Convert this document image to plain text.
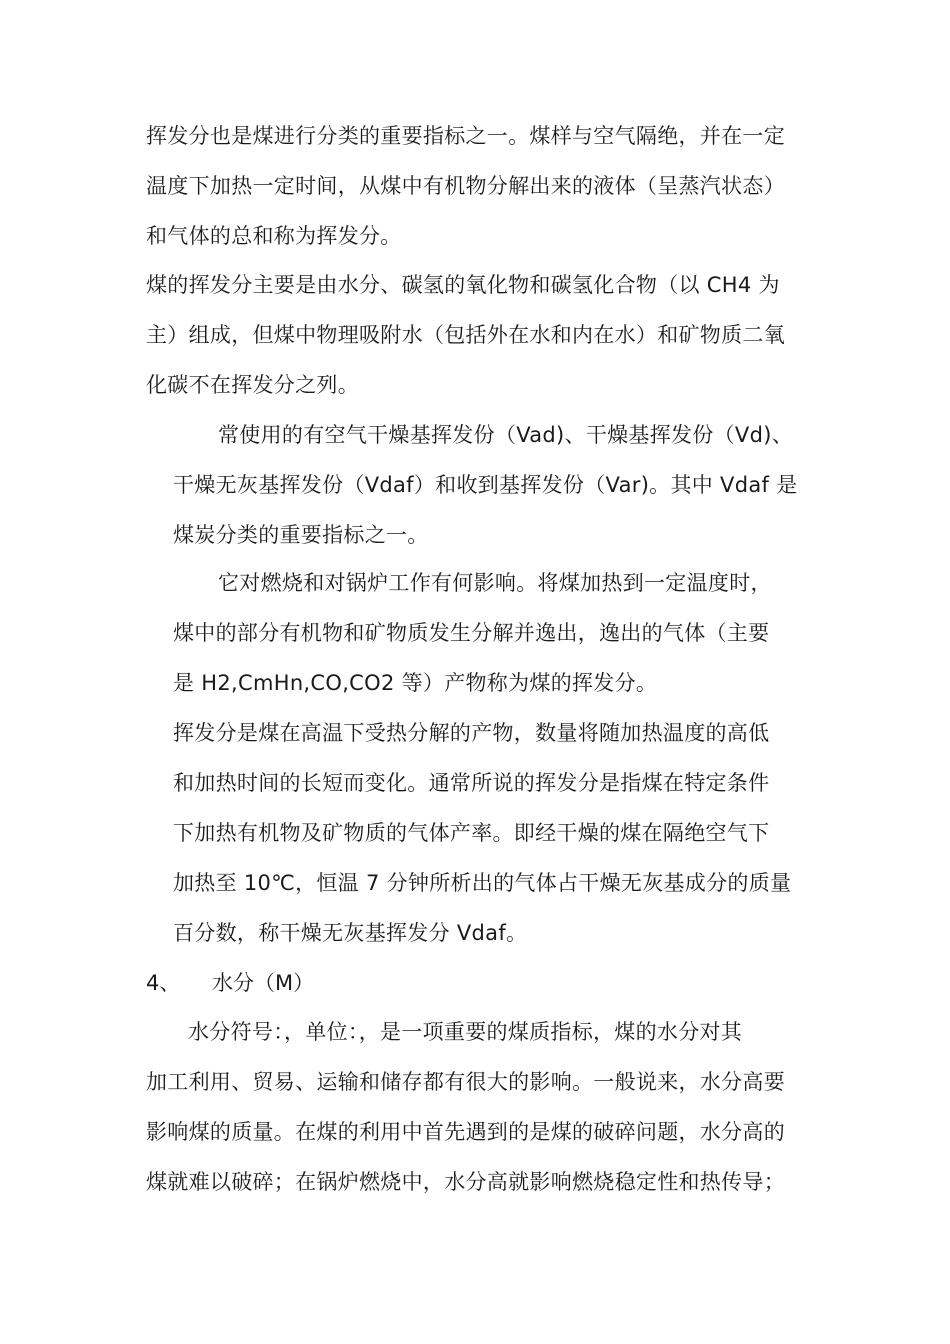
挥发分也是煤进行分类的重要指标之一。煤样与空气隔绝，并在一定
温度下加热一定时间，从煤中有机物分解出来的液体（呈蒸汽状态）
和气体的总和称为挥发分。
煤的挥发分主要是由水分、碳氢的氧化物和碳氢化合物（以 CH4 为
主）组成，但煤中物理吸附水（包括外在水和内在水）和矿物质二氧
化碳不在挥发分之列。
常使用的有空气干燥基挥发份（Vad)、干燥基挥发份（Vd)、
干燥无灰基挥发份（Vdaf）和收到基挥发份（Var)。其中 Vdaf 是
煤炭分类的重要指标之一。
它对燃烧和对锅炉工作有何影响。将煤加热到一定温度时，
煤中的部分有机物和矿物质发生分解并逸出，逸出的气体（主要
是 H2,CmHn,CO,CO2 等）产物称为煤的挥发分。
挥发分是煤在高温下受热分解的产物，数量将随加热温度的高低
和加热时间的长短而变化。通常所说的挥发分是指煤在特定条件
下加热有机物及矿物质的气体产率。即经干燥的煤在隔绝空气下
加热至 10℃，恒温 7 分钟所析出的气体占干燥无灰基成分的质量
百分数，称干燥无灰基挥发分 Vdaf。
4、 水分（M）
水分符号：，单位：，是一项重要的煤质指标，煤的水分对其
加工利用、贸易、运输和储存都有很大的影响。一般说来，水分高要
影响煤的质量。在煤的利用中首先遇到的是煤的破碎问题，水分高的
煤就难以破碎；在锅炉燃烧中，水分高就影响燃烧稳定性和热传导；
